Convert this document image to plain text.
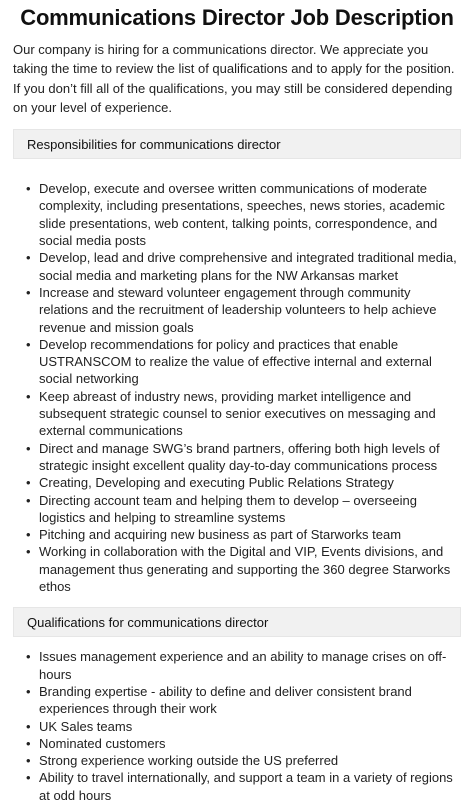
Communications Director Job Description

Our company is hiring for a communications director. We appreciate you taking the time to review the list of qualifications and to apply for the position. If you don’t fill all of the qualifications, you may still be considered depending on your level of experience.

Responsibilities for communications director
• Develop, execute and oversee written communications of moderate complexity, including presentations, speeches, news stories, academic slide presentations, web content, talking points, correspondence, and social media posts
• Develop, lead and drive comprehensive and integrated traditional media, social media and marketing plans for the NW Arkansas market
• Increase and steward volunteer engagement through community relations and the recruitment of leadership volunteers to help achieve revenue and mission goals
• Develop recommendations for policy and practices that enable USTRANSCOM to realize the value of effective internal and external social networking
• Keep abreast of industry news, providing market intelligence and subsequent strategic counsel to senior executives on messaging and external communications
• Direct and manage SWG’s brand partners, offering both high levels of strategic insight excellent quality day-to-day communications process
• Creating, Developing and executing Public Relations Strategy
• Directing account team and helping them to develop – overseeing logistics and helping to streamline systems
• Pitching and acquiring new business as part of Starworks team
• Working in collaboration with the Digital and VIP, Events divisions, and management thus generating and supporting the 360 degree Starworks ethos
Qualifications for communications director
• Issues management experience and an ability to manage crises on off-hours
• Branding expertise - ability to define and deliver consistent brand experiences through their work
• UK Sales teams
• Nominated customers
• Strong experience working outside the US preferred
• Ability to travel internationally, and support a team in a variety of regions at odd hours
